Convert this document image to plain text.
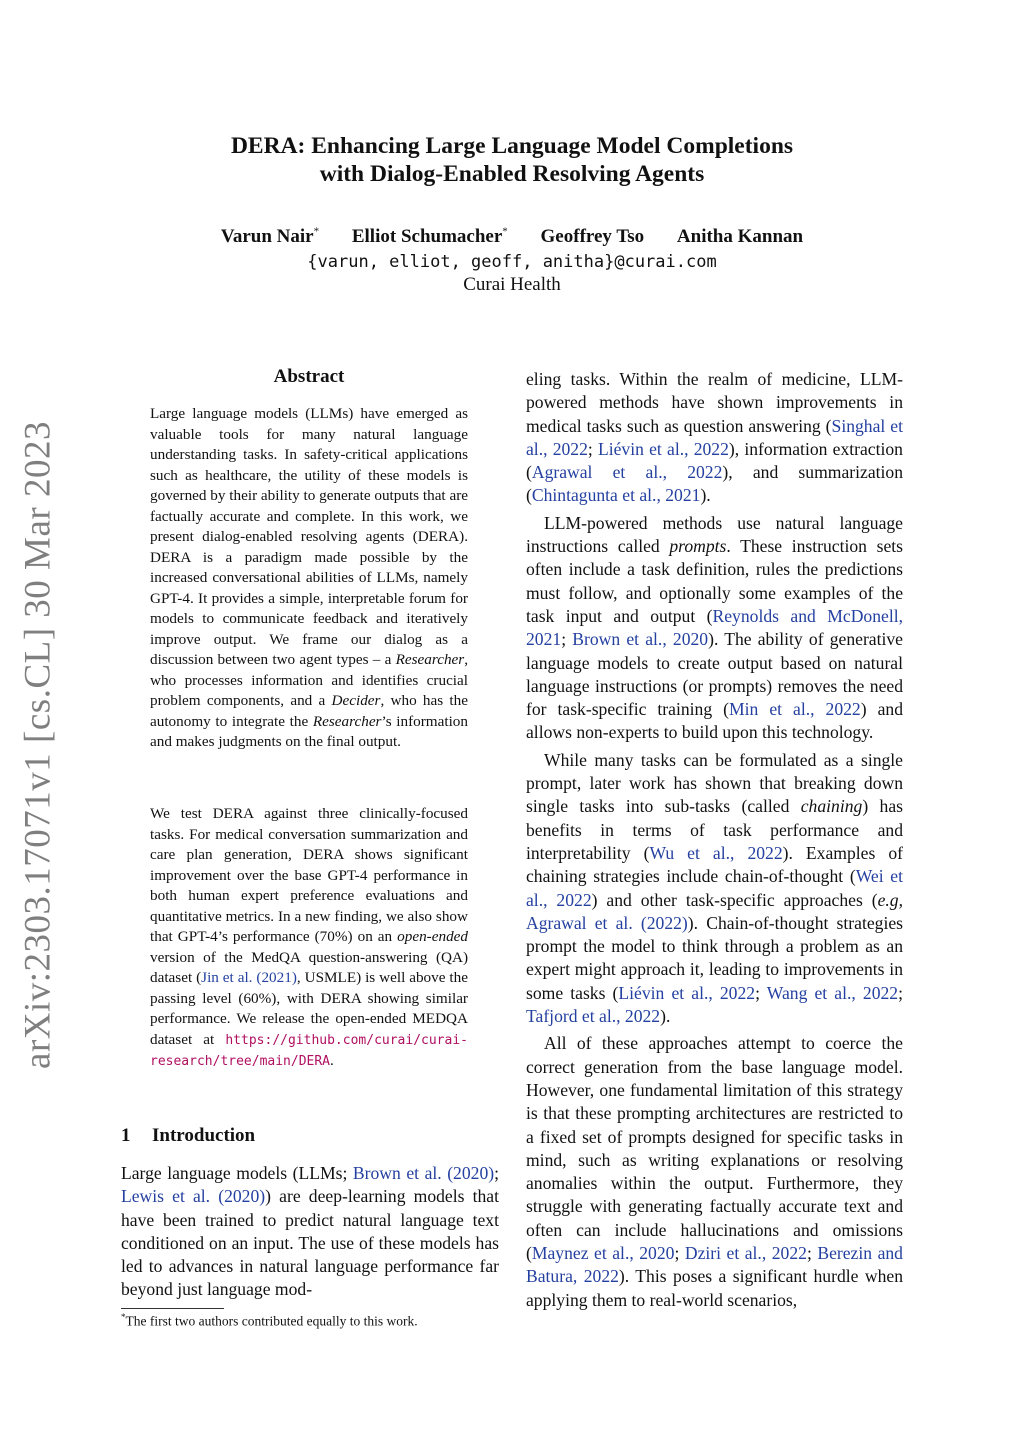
arXiv:2303.17071v1 [cs.CL] 30 Mar 2023
DERA: Enhancing Large Language Model Completions
with Dialog-Enabled Resolving Agents
Varun Nair* Elliot Schumacher* Geoffrey Tso Anitha Kannan
{varun, elliot, geoff, anitha}@curai.com
Curai Health
Abstract

Large language models (LLMs) have emerged as valuable tools for many natural language understanding tasks. In safety-critical applications such as healthcare, the utility of these models is governed by their ability to generate outputs that are factually accurate and complete. In this work, we present dialog-enabled resolving agents (DERA). DERA is a paradigm made possible by the increased conversational abilities of LLMs, namely GPT-4. It provides a simple, interpretable forum for models to communicate feedback and iteratively improve output. We frame our dialog as a discussion between two agent types – a Researcher, who processes information and identifies crucial problem components, and a Decider, who has the autonomy to integrate the Researcher’s information and makes judgments on the final output.

We test DERA against three clinically-focused tasks. For medical conversation summarization and care plan generation, DERA shows significant improvement over the base GPT-4 performance in both human expert preference evaluations and quantitative metrics. In a new finding, we also show that GPT-4’s performance (70%) on an open-ended version of the MedQA question-answering (QA) dataset (Jin et al. (2021), USMLE) is well above the passing level (60%), with DERA showing similar performance. We release the open-ended MEDQA dataset at https://github.com/curai/curai-research/tree/main/DERA.

1 Introduction

Large language models (LLMs; Brown et al. (2020); Lewis et al. (2020)) are deep-learning models that have been trained to predict natural language text conditioned on an input. The use of these models has led to advances in natural language performance far beyond just language mod-

*The first two authors contributed equally to this work.

eling tasks. Within the realm of medicine, LLM-powered methods have shown improvements in medical tasks such as question answering (Singhal et al., 2022; Liévin et al., 2022), information extraction (Agrawal et al., 2022), and summarization (Chintagunta et al., 2021).

LLM-powered methods use natural language instructions called prompts. These instruction sets often include a task definition, rules the predictions must follow, and optionally some examples of the task input and output (Reynolds and McDonell, 2021; Brown et al., 2020). The ability of generative language models to create output based on natural language instructions (or prompts) removes the need for task-specific training (Min et al., 2022) and allows non-experts to build upon this technology.

While many tasks can be formulated as a single prompt, later work has shown that breaking down single tasks into sub-tasks (called chaining) has benefits in terms of task performance and interpretability (Wu et al., 2022). Examples of chaining strategies include chain-of-thought (Wei et al., 2022) and other task-specific approaches (e.g, Agrawal et al. (2022)). Chain-of-thought strategies prompt the model to think through a problem as an expert might approach it, leading to improvements in some tasks (Liévin et al., 2022; Wang et al., 2022; Tafjord et al., 2022).

All of these approaches attempt to coerce the correct generation from the base language model. However, one fundamental limitation of this strategy is that these prompting architectures are restricted to a fixed set of prompts designed for specific tasks in mind, such as writing explanations or resolving anomalies within the output. Furthermore, they struggle with generating factually accurate text and often can include hallucinations and omissions (Maynez et al., 2020; Dziri et al., 2022; Berezin and Batura, 2022). This poses a significant hurdle when applying them to real-world scenarios,
